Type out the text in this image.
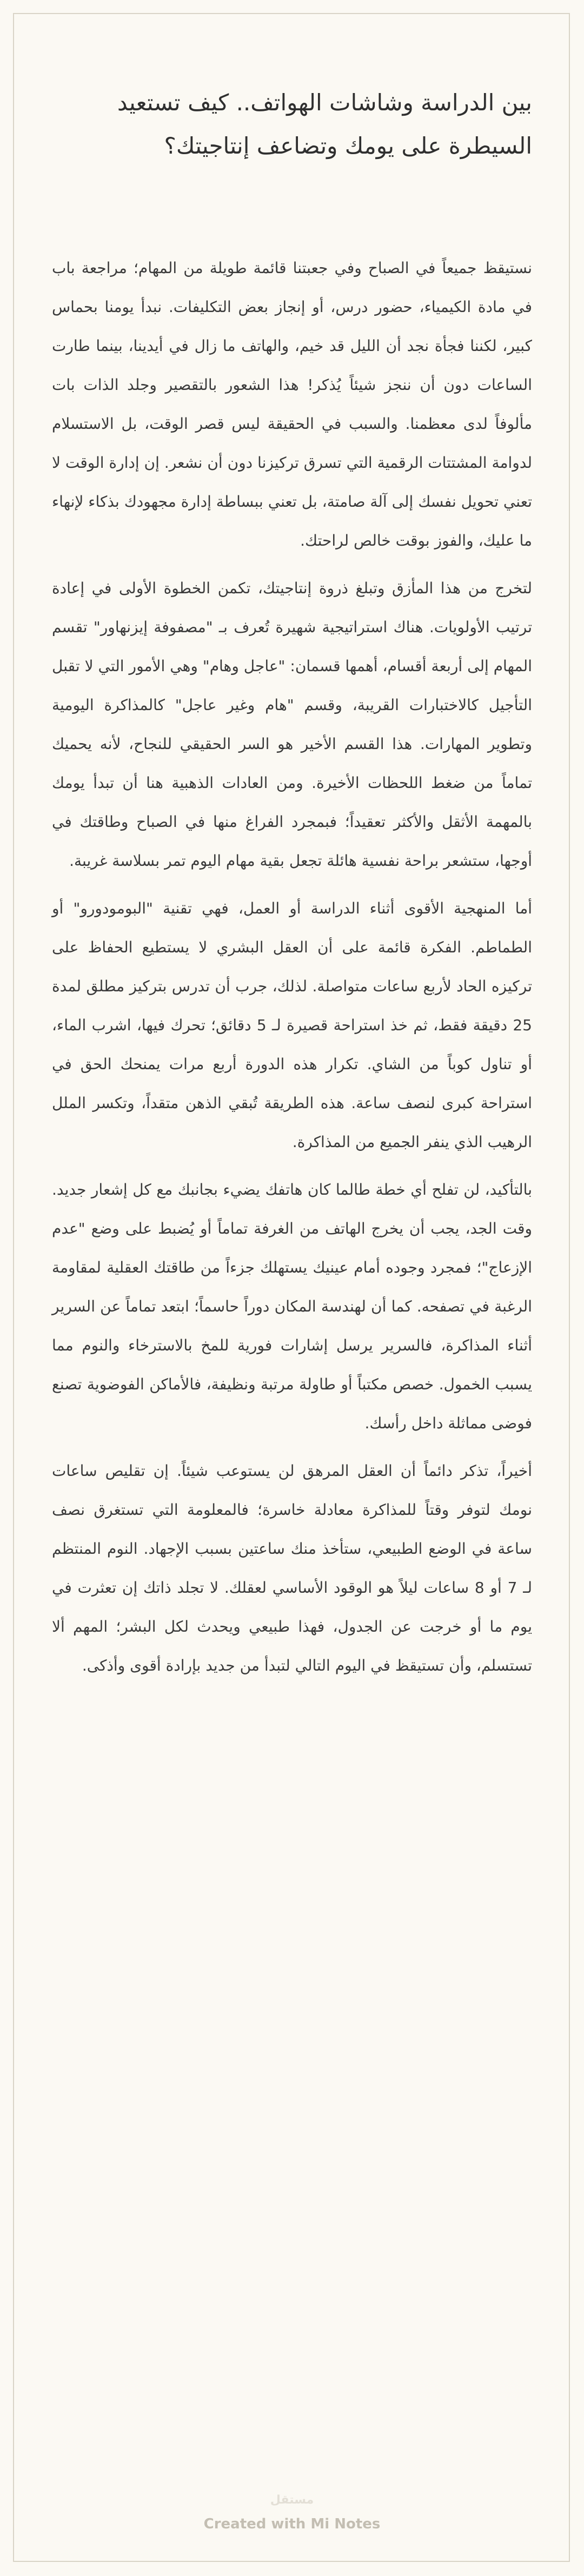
بين الدراسة وشاشات الهواتف.. كيف تستعيد السيطرة على يومك وتضاعف إنتاجيتك؟

نستيقظ جميعاً في الصباح وفي جعبتنا قائمة طويلة من المهام؛ مراجعة باب في مادة الكيمياء، حضور درس، أو إنجاز بعض التكليفات. نبدأ يومنا بحماس كبير، لكننا فجأة نجد أن الليل قد خيم، والهاتف ما زال في أيدينا، بينما طارت الساعات دون أن ننجز شيئاً يُذكر! هذا الشعور بالتقصير وجلد الذات بات مألوفاً لدى معظمنا. والسبب في الحقيقة ليس قصر الوقت، بل الاستسلام لدوامة المشتتات الرقمية التي تسرق تركيزنا دون أن نشعر. إن إدارة الوقت لا تعني تحويل نفسك إلى آلة صامتة، بل تعني ببساطة إدارة مجهودك بذكاء لإنهاء ما عليك، والفوز بوقت خالص لراحتك.

لتخرج من هذا المأزق وتبلغ ذروة إنتاجيتك، تكمن الخطوة الأولى في إعادة ترتيب الأولويات. هناك استراتيجية شهيرة تُعرف بـ "مصفوفة إيزنهاور" تقسم المهام إلى أربعة أقسام، أهمها قسمان: "عاجل وهام" وهي الأمور التي لا تقبل التأجيل كالاختبارات القريبة، وقسم "هام وغير عاجل" كالمذاكرة اليومية وتطوير المهارات. هذا القسم الأخير هو السر الحقيقي للنجاح، لأنه يحميك تماماً من ضغط اللحظات الأخيرة. ومن العادات الذهبية هنا أن تبدأ يومك بالمهمة الأثقل والأكثر تعقيداً؛ فبمجرد الفراغ منها في الصباح وطاقتك في أوجها، ستشعر براحة نفسية هائلة تجعل بقية مهام اليوم تمر بسلاسة غريبة.

أما المنهجية الأقوى أثناء الدراسة أو العمل، فهي تقنية "البومودورو" أو الطماطم. الفكرة قائمة على أن العقل البشري لا يستطيع الحفاظ على تركيزه الحاد لأربع ساعات متواصلة. لذلك، جرب أن تدرس بتركيز مطلق لمدة 25 دقيقة فقط، ثم خذ استراحة قصيرة لـ 5 دقائق؛ تحرك فيها، اشرب الماء، أو تناول كوباً من الشاي. تكرار هذه الدورة أربع مرات يمنحك الحق في استراحة كبرى لنصف ساعة. هذه الطريقة تُبقي الذهن متقداً، وتكسر الملل الرهيب الذي ينفر الجميع من المذاكرة.

بالتأكيد، لن تفلح أي خطة طالما كان هاتفك يضيء بجانبك مع كل إشعار جديد. وقت الجد، يجب أن يخرج الهاتف من الغرفة تماماً أو يُضبط على وضع "عدم الإزعاج"؛ فمجرد وجوده أمام عينيك يستهلك جزءاً من طاقتك العقلية لمقاومة الرغبة في تصفحه. كما أن لهندسة المكان دوراً حاسماً؛ ابتعد تماماً عن السرير أثناء المذاكرة، فالسرير يرسل إشارات فورية للمخ بالاسترخاء والنوم مما يسبب الخمول. خصص مكتباً أو طاولة مرتبة ونظيفة، فالأماكن الفوضوية تصنع فوضى مماثلة داخل رأسك.

أخيراً، تذكر دائماً أن العقل المرهق لن يستوعب شيئاً. إن تقليص ساعات نومك لتوفر وقتاً للمذاكرة معادلة خاسرة؛ فالمعلومة التي تستغرق نصف ساعة في الوضع الطبيعي، ستأخذ منك ساعتين بسبب الإجهاد. النوم المنتظم لـ 7 أو 8 ساعات ليلاً هو الوقود الأساسي لعقلك. لا تجلد ذاتك إن تعثرت في يوم ما أو خرجت عن الجدول، فهذا طبيعي ويحدث لكل البشر؛ المهم ألا تستسلم، وأن تستيقظ في اليوم التالي لتبدأ من جديد بإرادة أقوى وأذكى.

مستقل
Created with Mi Notes
